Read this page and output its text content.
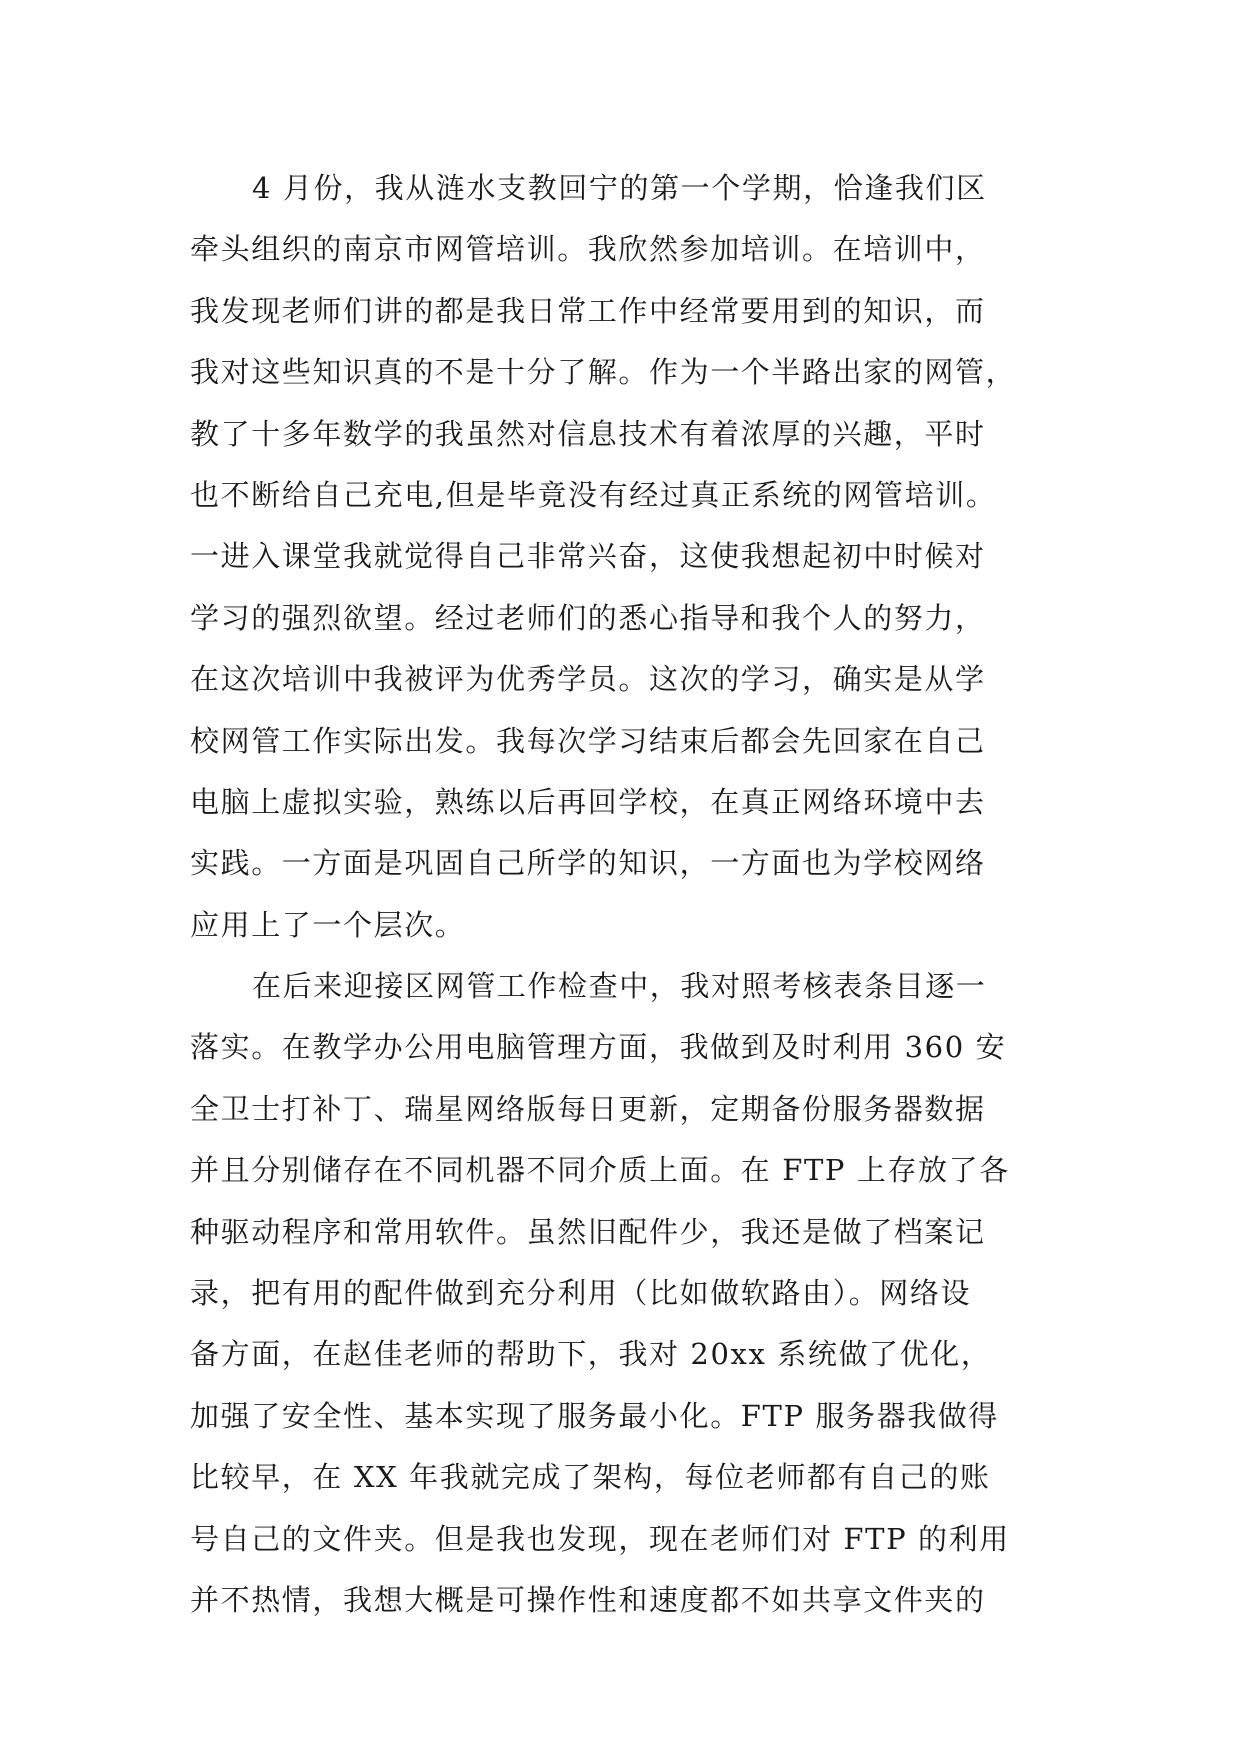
4 月份，我从涟水支教回宁的第一个学期，恰逢我们区
牵头组织的南京市网管培训。我欣然参加培训。在培训中，
我发现老师们讲的都是我日常工作中经常要用到的知识，而
我对这些知识真的不是十分了解。作为一个半路出家的网管，
教了十多年数学的我虽然对信息技术有着浓厚的兴趣，平时
也不断给自己充电,但是毕竟没有经过真正系统的网管培训。
一进入课堂我就觉得自己非常兴奋，这使我想起初中时候对
学习的强烈欲望。经过老师们的悉心指导和我个人的努力，
在这次培训中我被评为优秀学员。这次的学习，确实是从学
校网管工作实际出发。我每次学习结束后都会先回家在自己
电脑上虚拟实验，熟练以后再回学校，在真正网络环境中去
实践。一方面是巩固自己所学的知识，一方面也为学校网络
应用上了一个层次。
在后来迎接区网管工作检查中，我对照考核表条目逐一
落实。在教学办公用电脑管理方面，我做到及时利用 360 安
全卫士打补丁、瑞星网络版每日更新，定期备份服务器数据
并且分别储存在不同机器不同介质上面。在 FTP 上存放了各
种驱动程序和常用软件。虽然旧配件少，我还是做了档案记
录，把有用的配件做到充分利用（比如做软路由）。网络设
备方面，在赵佳老师的帮助下，我对 20xx 系统做了优化，
加强了安全性、基本实现了服务最小化。FTP 服务器我做得
比较早，在 XX 年我就完成了架构，每位老师都有自己的账
号自己的文件夹。但是我也发现，现在老师们对 FTP 的利用
并不热情，我想大概是可操作性和速度都不如共享文件夹的
